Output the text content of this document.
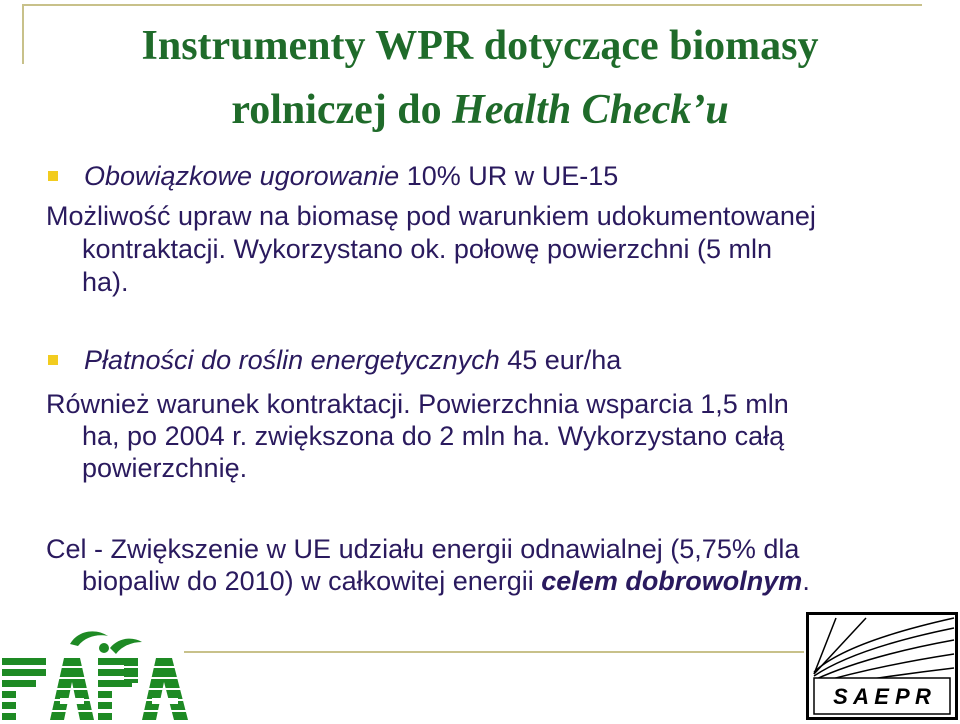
Instrumenty WPR dotyczące biomasy
rolniczej do Health Check’u
Obowiązkowe ugorowanie 10% UR w UE-15
Możliwość upraw na biomasę pod warunkiem udokumentowanej
kontraktacji. Wykorzystano ok. połowę powierzchni (5 mln
ha).
Płatności do roślin energetycznych 45 eur/ha
Również warunek kontraktacji. Powierzchnia wsparcia 1,5 mln
ha, po 2004 r. zwiększona do 2 mln ha. Wykorzystano całą
powierzchnię.
Cel - Zwiększenie w UE udziału energii odnawialnej (5,75% dla
biopaliw do 2010) w całkowitej energii celem dobrowolnym.
S A E P R
